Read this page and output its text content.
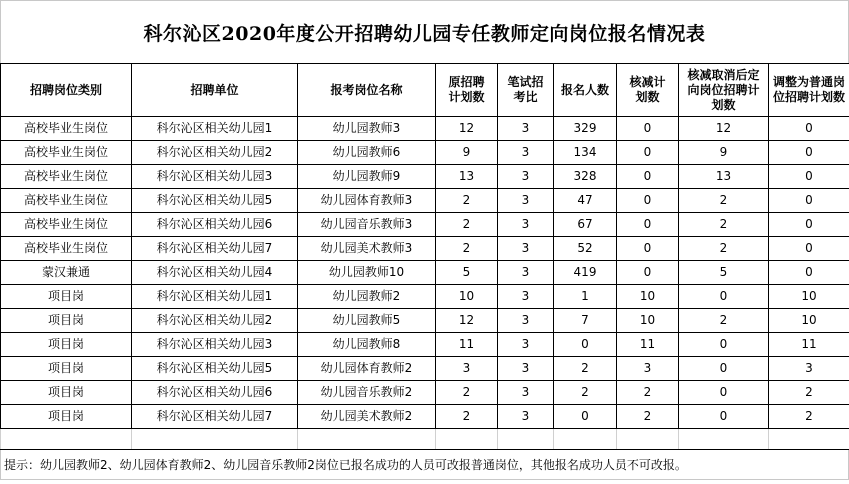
科尔沁区2020年度公开招聘幼儿园专任教师定向岗位报名情况表
招聘岗位类别	招聘单位	报考岗位名称	原招聘计划数	笔试招考比	报名人数	核减计划数	核减取消后定向岗位招聘计划数	调整为普通岗位招聘计划数
高校毕业生岗位	科尔沁区相关幼儿园1	幼儿园教师3	12	3	329	0	12	0
高校毕业生岗位	科尔沁区相关幼儿园2	幼儿园教师6	9	3	134	0	9	0
高校毕业生岗位	科尔沁区相关幼儿园3	幼儿园教师9	13	3	328	0	13	0
高校毕业生岗位	科尔沁区相关幼儿园5	幼儿园体育教师3	2	3	47	0	2	0
高校毕业生岗位	科尔沁区相关幼儿园6	幼儿园音乐教师3	2	3	67	0	2	0
高校毕业生岗位	科尔沁区相关幼儿园7	幼儿园美术教师3	2	3	52	0	2	0
蒙汉兼通	科尔沁区相关幼儿园4	幼儿园教师10	5	3	419	0	5	0
项目岗	科尔沁区相关幼儿园1	幼儿园教师2	10	3	1	10	0	10
项目岗	科尔沁区相关幼儿园2	幼儿园教师5	12	3	7	10	2	10
项目岗	科尔沁区相关幼儿园3	幼儿园教师8	11	3	0	11	0	11
项目岗	科尔沁区相关幼儿园5	幼儿园体育教师2	3	3	2	3	0	3
项目岗	科尔沁区相关幼儿园6	幼儿园音乐教师2	2	3	2	2	0	2
项目岗	科尔沁区相关幼儿园7	幼儿园美术教师2	2	3	0	2	0	2

提示：幼儿园教师2、幼儿园体育教师2、幼儿园音乐教师2岗位已报名成功的人员可改报普通岗位，其他报名成功人员不可改报。
